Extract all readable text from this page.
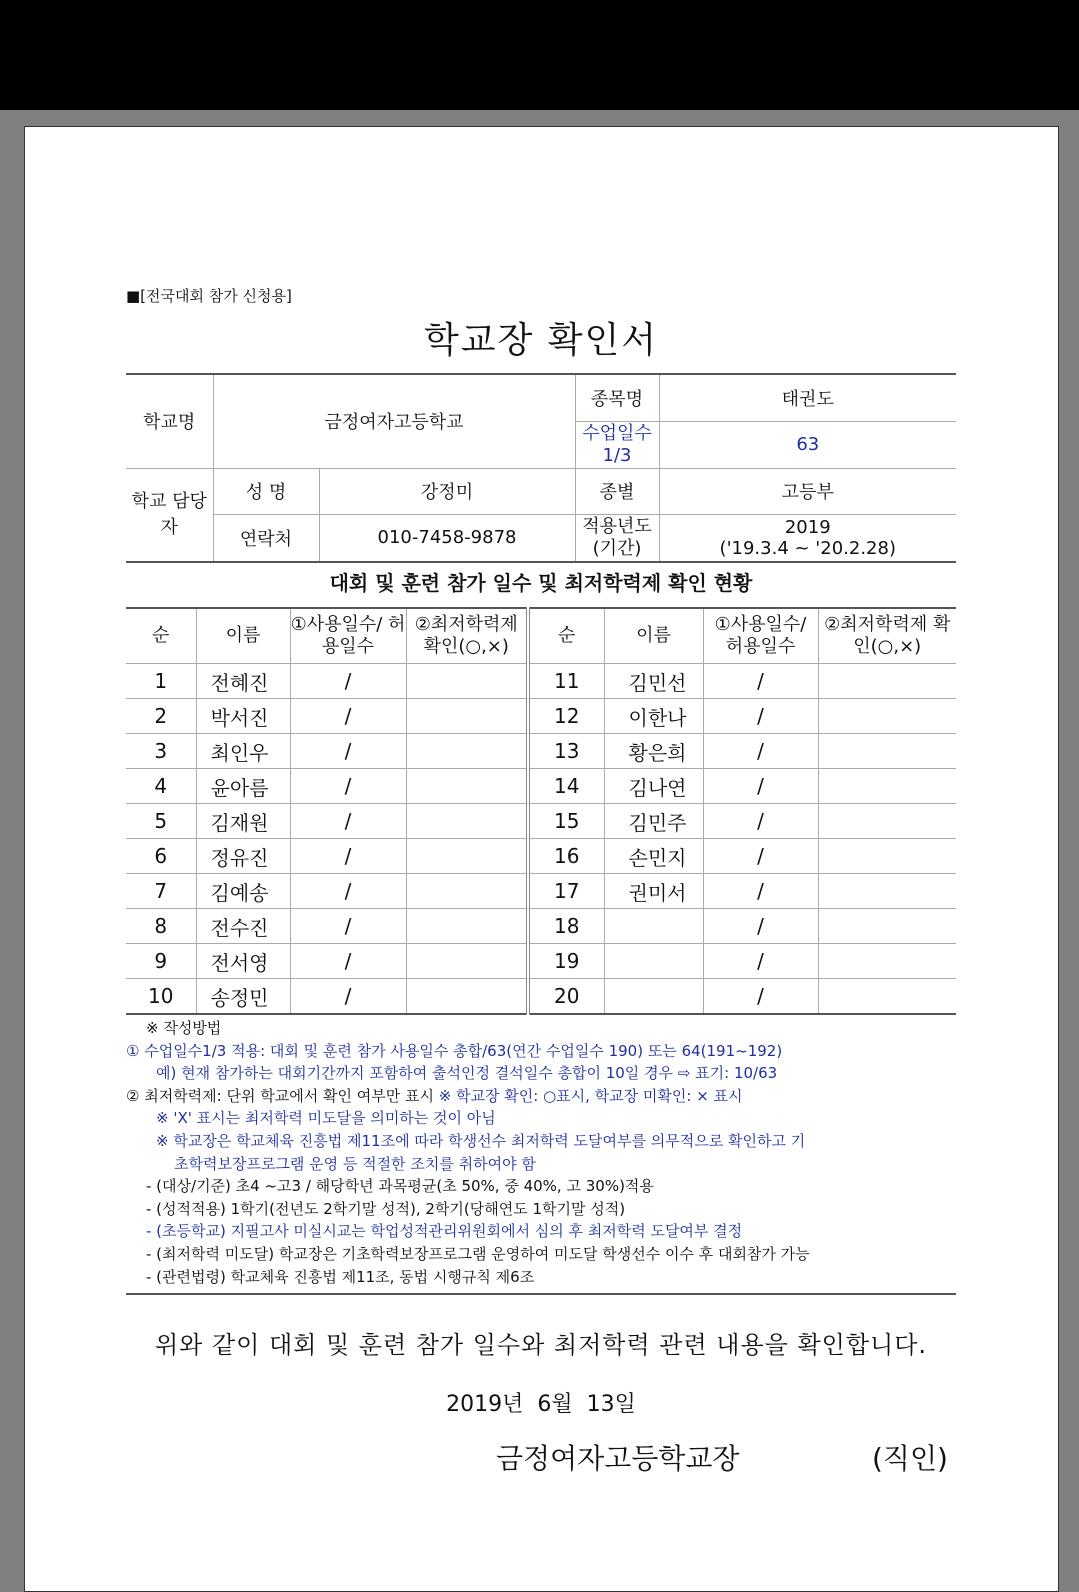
■[전국대회 참가 신청용]
학교장 확인서
학교명	금정여자고등학교		종목명	태권도
			수업일수 1/3	63
학교 담당자	성 명	강정미	종별	고등부
	연락처	010-7458-9878	적용년도 (기간)	2019
('19.3.4 ~ '20.2.28)
대회 및 훈련 참가 일수 및 최저학력제 확인 현황
순	이름	①사용일수/ 허용일수	②최저학력제 확인(○,×)	순	이름	①사용일수/ 허용일수	②최저학력제 확인(○,×)
1	전혜진	/		11	김민선	/	
2	박서진	/		12	이한나	/	
3	최인우	/		13	황은희	/	
4	윤아름	/		14	김나연	/	
5	김재원	/		15	김민주	/	
6	정유진	/		16	손민지	/	
7	김예송	/		17	권미서	/	
8	전수진	/		18		/	
9	전서영	/		19		/	
10	송정민	/		20		/	
※ 작성방법
① 수업일수1/3 적용: 대회 및 훈련 참가 사용일수 총합/63(연간 수업일수 190) 또는 64(191~192)
예) 현재 참가하는 대회기간까지 포함하여 출석인정 결석일수 총합이 10일 경우 ⇨ 표기: 10/63
② 최저학력제: 단위 학교에서 확인 여부만 표시 ※ 학교장 확인: ○표시, 학교장 미확인: × 표시
※ 'X' 표시는 최저학력 미도달을 의미하는 것이 아님
※ 학교장은 학교체육 진흥법 제11조에 따라 학생선수 최저학력 도달여부를 의무적으로 확인하고 기
초학력보장프로그램 운영 등 적절한 조치를 취하여야 함
- (대상/기준) 초4 ~고3 / 해당학년 과목평균(초 50%, 중 40%, 고 30%)적용
- (성적적용) 1학기(전년도 2학기말 성적), 2학기(당해연도 1학기말 성적)
- (초등학교) 지필고사 미실시교는 학업성적관리위원회에서 심의 후 최저학력 도달여부 결정
- (최저학력 미도달) 학교장은 기초학력보장프로그램 운영하여 미도달 학생선수 이수 후 대회참가 가능
- (관련법령) 학교체육 진흥법 제11조, 동법 시행규칙 제6조
위와 같이 대회 및 훈련 참가 일수와 최저학력 관련 내용을 확인합니다.
2019년  6월  13일
금정여자고등학교장	(직인)
